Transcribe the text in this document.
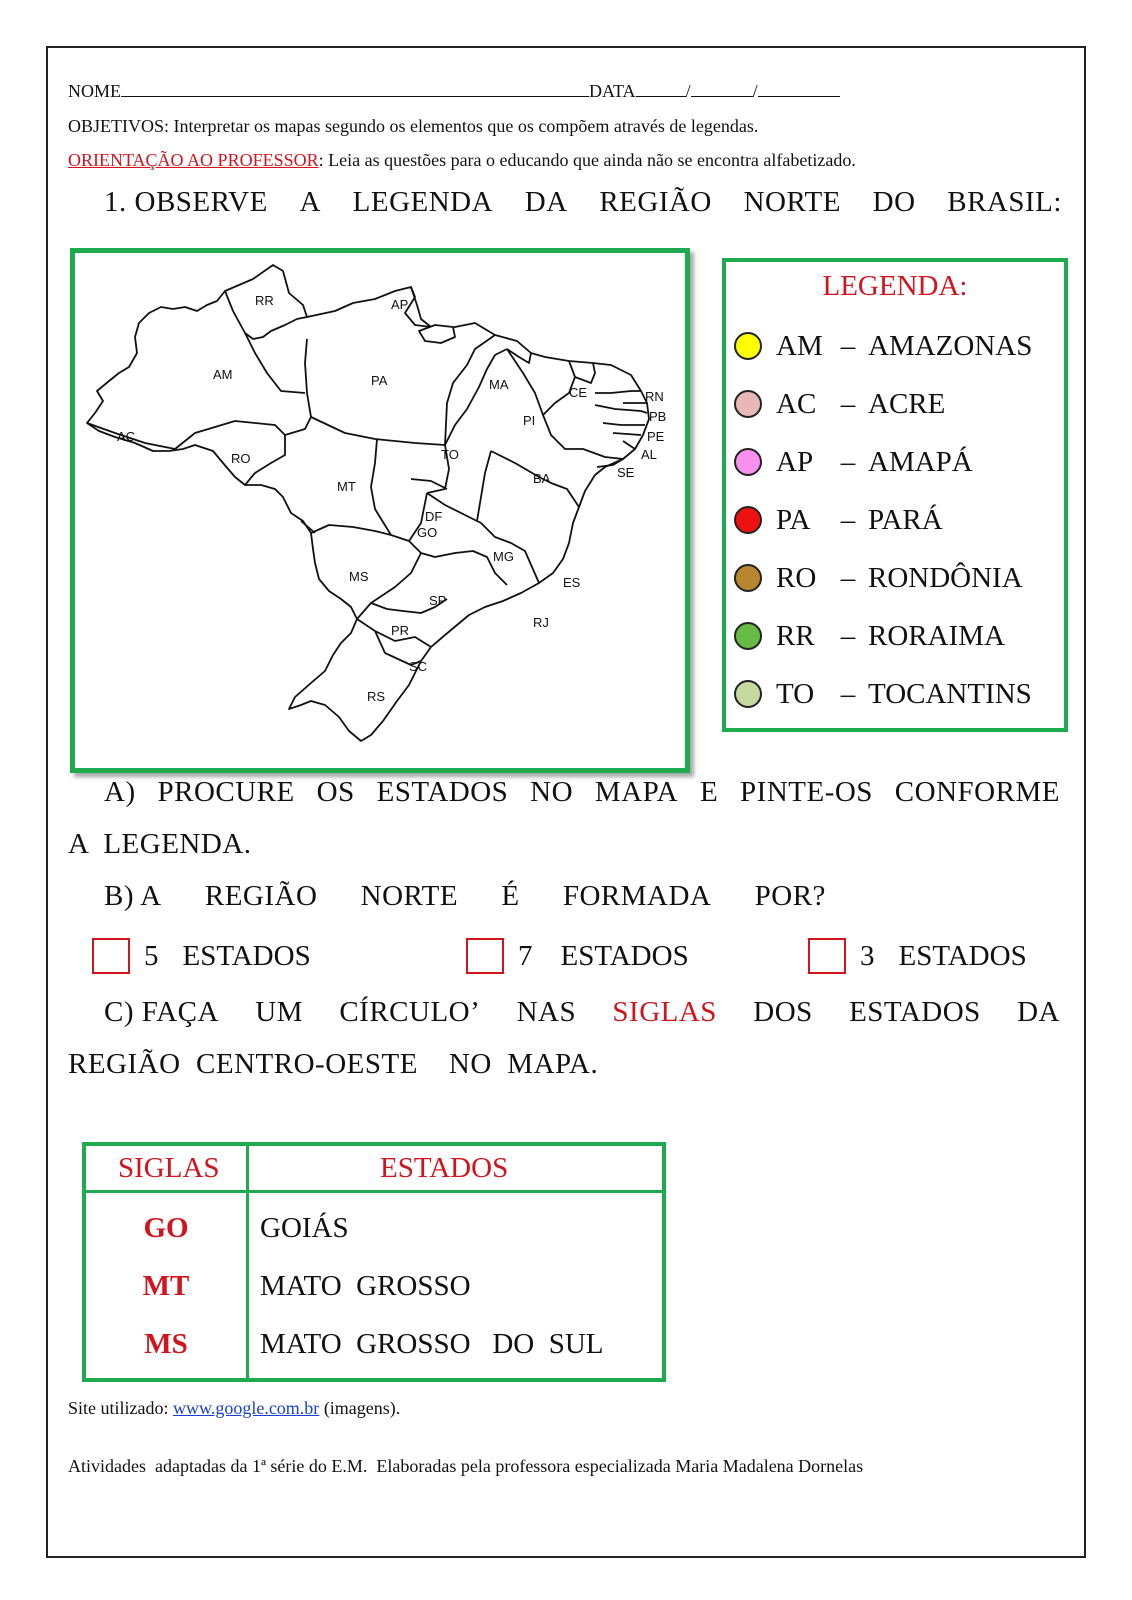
NOME	DATA	/	/
OBJETIVOS: Interpretar os mapas segundo os elementos que os compõem através de legendas.
ORIENTAÇÃO AO PROFESSOR: Leia as questões para o educando que ainda não se encontra alfabetizado.
1. OBSERVE A LEGENDA DA REGIÃO NORTE DO BRASIL:
RR	AP
AM	PA	MA
CE	RN
PB
PE
AL
SE
PI
AC
RO	TO
BA
MT
DF
GO
MG
ES
MS
SP
RJ
PR
SC
RS
LEGENDA:
AM – AMAZONAS
AC – ACRE
AP – AMAPÁ
PA	– PARÁ
RO – RONDÔNIA
RR – RORAIMA
TO – TOCANTINS
A) PROCURE OS ESTADOS NO MAPA E PINTE-OS CONFORME
A  LEGENDA.
B) A REGIÃO NORTE É FORMADA POR?
5 ESTADOS	7 ESTADOS	3 ESTADOS
C) FAÇA UM CÍRCULO’ NAS SIGLAS DOS ESTADOS DA
REGIÃO  CENTRO-OESTE    NO  MAPA.
SIGLAS	ESTADOS
GO	GOIÁS
MT	MATO  GROSSO
MS	MATO  GROSSO   DO  SUL
Site utilizado: www.google.com.br (imagens).
Atividades  adaptadas da 1ª série do E.M.  Elaboradas pela professora especializada Maria Madalena Dornelas
